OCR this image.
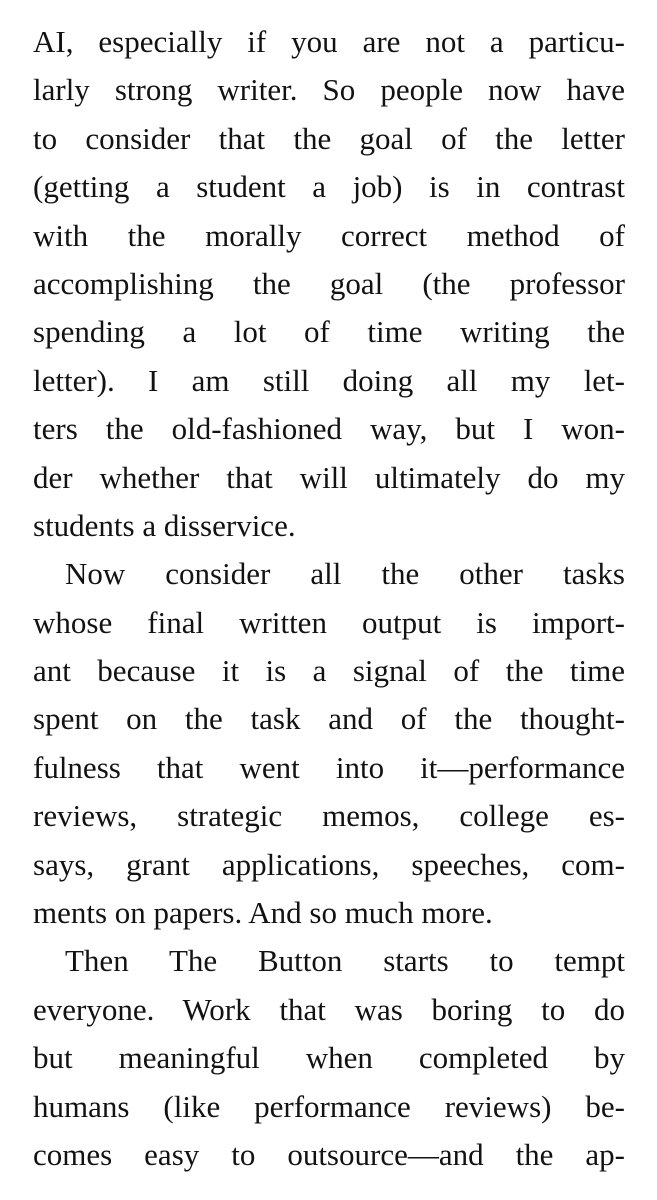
AI, especially if you are not a particu-
larly strong writer. So people now have
to consider that the goal of the letter
(getting a student a job) is in contrast
with the morally correct method of
accomplishing the goal (the professor
spending a lot of time writing the
letter). I am still doing all my let-
ters the old-fashioned way, but I won-
der whether that will ultimately do my
students a disservice.
Now consider all the other tasks
whose final written output is import-
ant because it is a signal of the time
spent on the task and of the thought-
fulness that went into it—performance
reviews, strategic memos, college es-
says, grant applications, speeches, com-
ments on papers. And so much more.
Then The Button starts to tempt
everyone. Work that was boring to do
but meaningful when completed by
humans (like performance reviews) be-
comes easy to outsource—and the ap-
